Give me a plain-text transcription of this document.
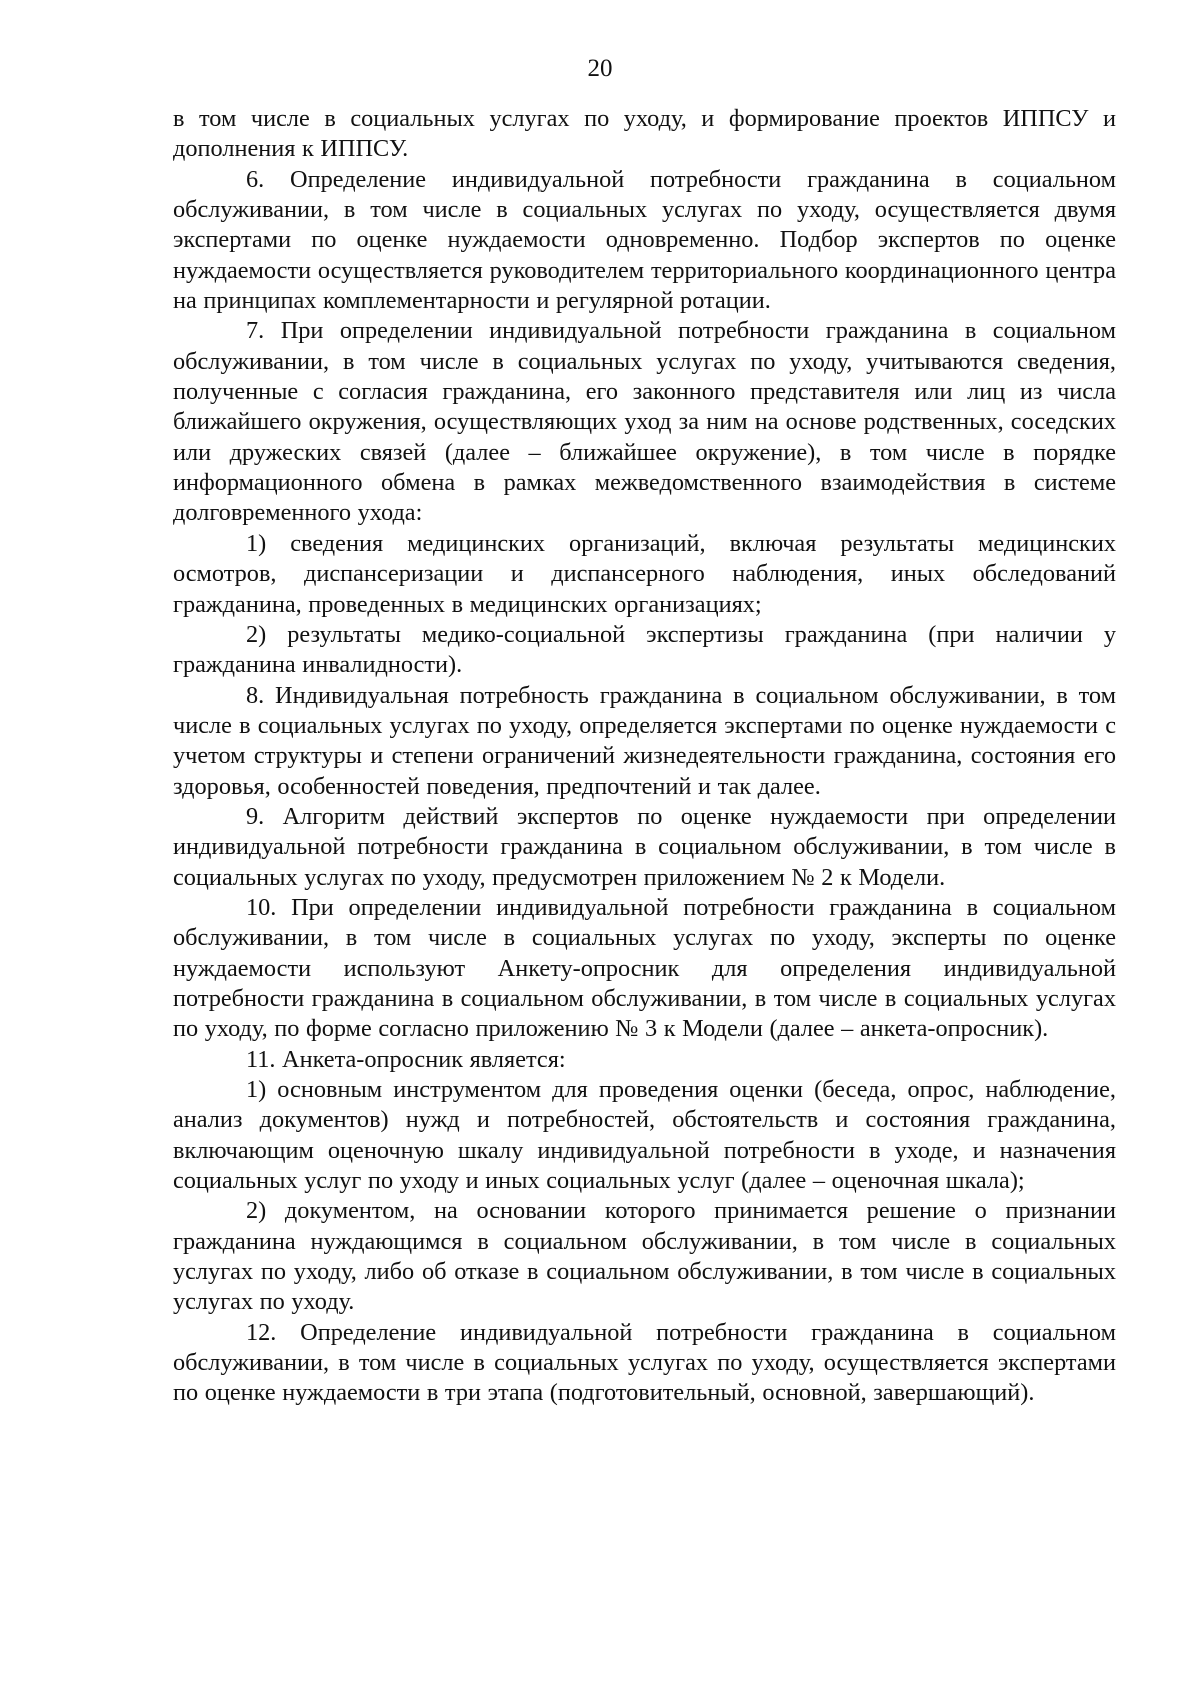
20

в том числе в социальных услугах по уходу, и формирование проектов ИППСУ и дополнения к ИППСУ.

6. Определение индивидуальной потребности гражданина в социальном обслуживании, в том числе в социальных услугах по уходу, осуществляется двумя экспертами по оценке нуждаемости одновременно. Подбор экспертов по оценке нуждаемости осуществляется руководителем территориального координационного центра на принципах комплементарности и регулярной ротации.

7. При определении индивидуальной потребности гражданина в социальном обслуживании, в том числе в социальных услугах по уходу, учитываются сведения, полученные с согласия гражданина, его законного представителя или лиц из числа ближайшего окружения, осуществляющих уход за ним на основе родственных, соседских или дружеских связей (далее – ближайшее окружение), в том числе в порядке информационного обмена в рамках межведомственного взаимодействия в системе долговременного ухода:

1) сведения медицинских организаций, включая результаты медицинских осмотров, диспансеризации и диспансерного наблюдения, иных обследований гражданина, проведенных в медицинских организациях;

2) результаты медико-социальной экспертизы гражданина (при наличии у гражданина инвалидности).

8. Индивидуальная потребность гражданина в социальном обслуживании, в том числе в социальных услугах по уходу, определяется экспертами по оценке нуждаемости с учетом структуры и степени ограничений жизнедеятельности гражданина, состояния его здоровья, особенностей поведения, предпочтений и так далее.

9. Алгоритм действий экспертов по оценке нуждаемости при определении индивидуальной потребности гражданина в социальном обслуживании, в том числе в социальных услугах по уходу, предусмотрен приложением № 2 к Модели.

10. При определении индивидуальной потребности гражданина в социальном обслуживании, в том числе в социальных услугах по уходу, эксперты по оценке нуждаемости используют Анкету-опросник для определения индивидуальной потребности гражданина в социальном обслуживании, в том числе в социальных услугах по уходу, по форме согласно приложению № 3 к Модели (далее – анкета-опросник).

11. Анкета-опросник является:

1) основным инструментом для проведения оценки (беседа, опрос, наблюдение, анализ документов) нужд и потребностей, обстоятельств и состояния гражданина, включающим оценочную шкалу индивидуальной потребности в уходе, и назначения социальных услуг по уходу и иных социальных услуг (далее – оценочная шкала);

2) документом, на основании которого принимается решение о признании гражданина нуждающимся в социальном обслуживании, в том числе в социальных услугах по уходу, либо об отказе в социальном обслуживании, в том числе в социальных услугах по уходу.

12. Определение индивидуальной потребности гражданина в социальном обслуживании, в том числе в социальных услугах по уходу, осуществляется экспертами по оценке нуждаемости в три этапа (подготовительный, основной, завершающий).
